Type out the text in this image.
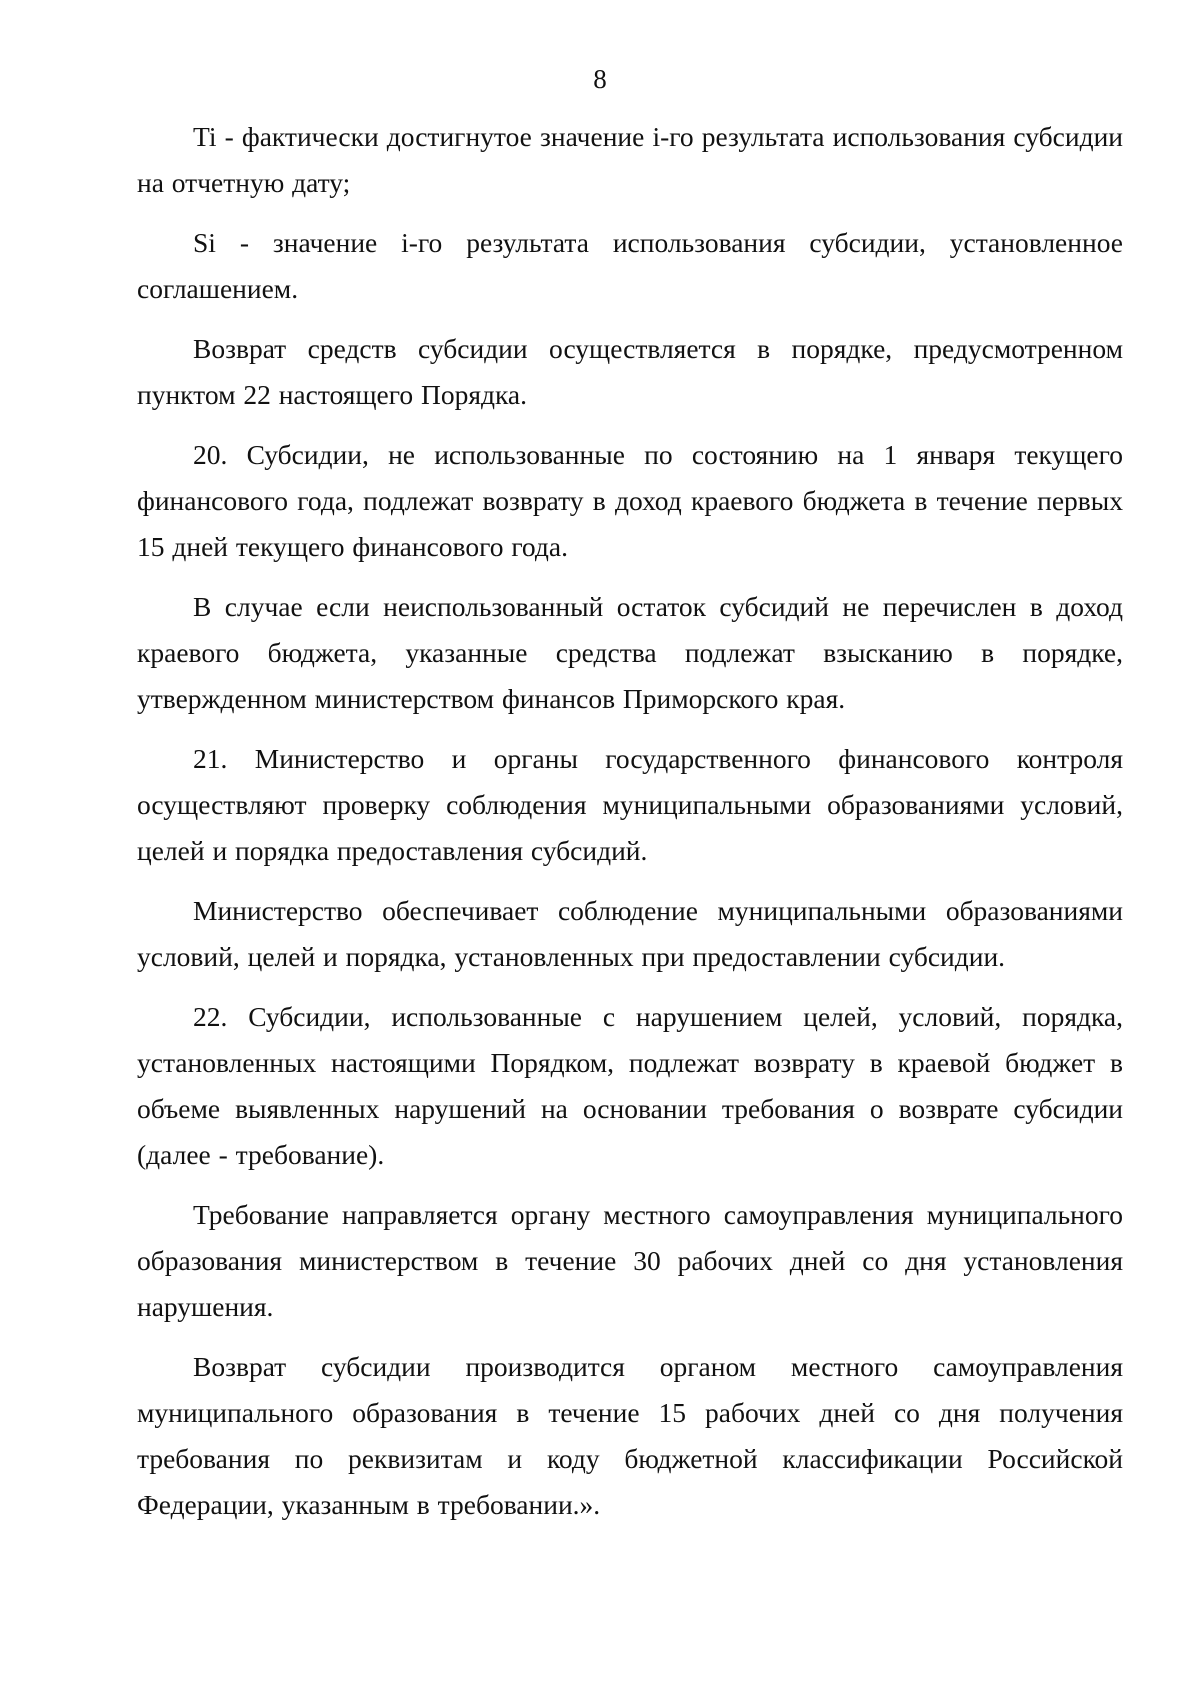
8

Ti - фактически достигнутое значение i-го результата использования субсидии на отчетную дату;

Si - значение i-го результата использования субсидии, установленное соглашением.

Возврат средств субсидии осуществляется в порядке, предусмотренном пунктом 22 настоящего Порядка.

20. Субсидии, не использованные по состоянию на 1 января текущего финансового года, подлежат возврату в доход краевого бюджета в течение первых 15 дней текущего финансового года.

В случае если неиспользованный остаток субсидий не перечислен в доход краевого бюджета, указанные средства подлежат взысканию в порядке, утвержденном министерством финансов Приморского края.

21. Министерство и органы государственного финансового контроля осуществляют проверку соблюдения муниципальными образованиями условий, целей и порядка предоставления субсидий.

Министерство обеспечивает соблюдение муниципальными образованиями условий, целей и порядка, установленных при предоставлении субсидии.

22. Субсидии, использованные с нарушением целей, условий, порядка, установленных настоящими Порядком, подлежат возврату в краевой бюджет в объеме выявленных нарушений на основании требования о возврате субсидии (далее - требование).

Требование направляется органу местного самоуправления муниципального образования министерством в течение 30 рабочих дней со дня установления нарушения.

Возврат субсидии производится органом местного самоуправления муниципального образования в течение 15 рабочих дней со дня получения требования по реквизитам и коду бюджетной классификации Российской Федерации, указанным в требовании.».
